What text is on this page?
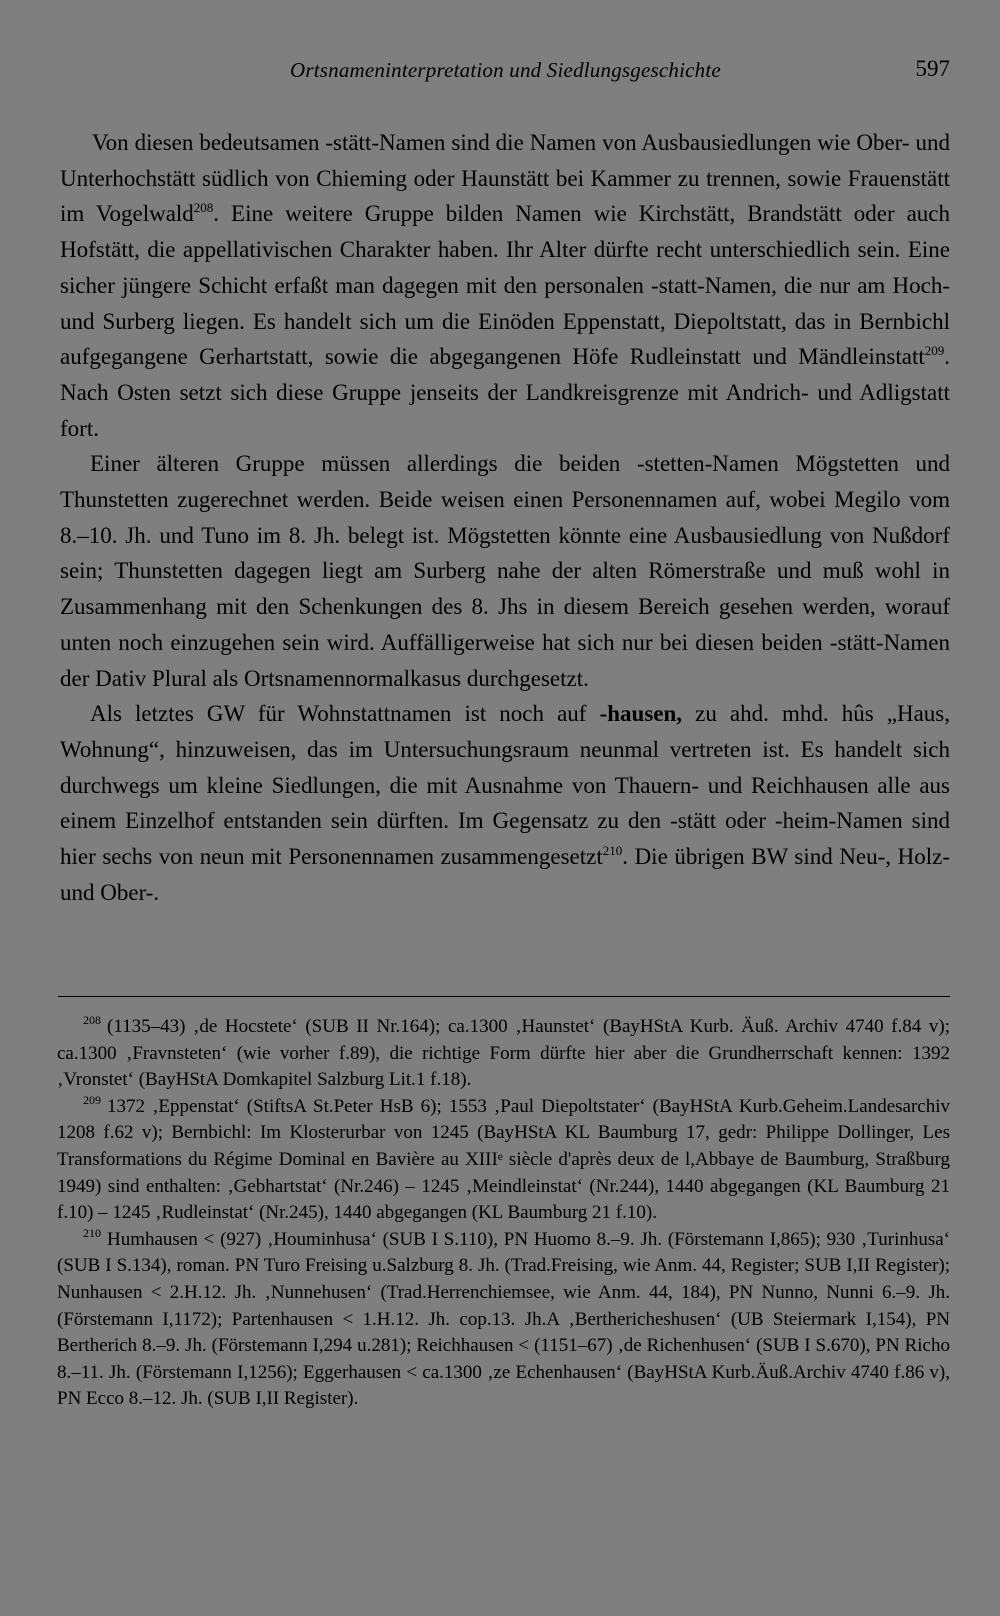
Ortsnameninterpretation und Siedlungsgeschichte	597

Von diesen bedeutsamen -stätt-Namen sind die Namen von Ausbausiedlungen wie Ober- und Unterhochstätt südlich von Chieming oder Haunstätt bei Kammer zu trennen, sowie Frauenstätt im Vogelwald$^{208}$. Eine weitere Gruppe bilden Namen wie Kirchstätt, Brandstätt oder auch Hofstätt, die appellativischen Charakter haben. Ihr Alter dürfte recht unterschiedlich sein. Eine sicher jüngere Schicht erfaßt man dagegen mit den personalen -statt-Namen, die nur am Hoch- und Surberg liegen. Es handelt sich um die Einöden Eppenstatt, Diepoltstatt, das in Bernbichl aufgegangene Gerhartstatt, sowie die abgegangenen Höfe Rudleinstatt und Mändleinstatt$^{209}$. Nach Osten setzt sich diese Gruppe jenseits der Landkreisgrenze mit Andrich- und Adligstatt fort.

Einer älteren Gruppe müssen allerdings die beiden -stetten-Namen Mögstetten und Thunstetten zugerechnet werden. Beide weisen einen Personennamen auf, wobei Megilo vom 8.–10. Jh. und Tuno im 8. Jh. belegt ist. Mögstetten könnte eine Ausbausiedlung von Nußdorf sein; Thunstetten dagegen liegt am Surberg nahe der alten Römerstraße und muß wohl in Zusammenhang mit den Schenkungen des 8. Jhs in diesem Bereich gesehen werden, worauf unten noch einzugehen sein wird. Auffälligerweise hat sich nur bei diesen beiden -stätt-Namen der Dativ Plural als Ortsnamennormalkasus durchgesetzt.

Als letztes GW für Wohnstattnamen ist noch auf -hausen, zu ahd. mhd. hûs „Haus, Wohnung“, hinzuweisen, das im Untersuchungsraum neunmal vertreten ist. Es handelt sich durchwegs um kleine Siedlungen, die mit Ausnahme von Thauern- und Reichhausen alle aus einem Einzelhof entstanden sein dürften. Im Gegensatz zu den -stätt oder -heim-Namen sind hier sechs von neun mit Personennamen zusammengesetzt$^{210}$. Die übrigen BW sind Neu-, Holz- und Ober-.

$^{208}$ (1135–43) ‚de Hocstete‘ (SUB II Nr.164); ca.1300 ‚Haunstet‘ (BayHStA Kurb. Äuß. Archiv 4740 f.84 v); ca.1300 ‚Fravnsteten‘ (wie vorher f.89), die richtige Form dürfte hier aber die Grundherrschaft kennen: 1392 ‚Vronstet‘ (BayHStA Domkapitel Salzburg Lit.1 f.18).

$^{209}$ 1372 ‚Eppenstat‘ (StiftsA St.Peter HsB 6); 1553 ‚Paul Diepoltstater‘ (BayHStA Kurb.Geheim.Landesarchiv 1208 f.62 v); Bernbichl: Im Klosterurbar von 1245 (BayHStA KL Baumburg 17, gedr: Philippe Dollinger, Les Transformations du Régime Dominal en Bavière au XIIIᵉ siècle d'après deux de l,Abbaye de Baumburg, Straßburg 1949) sind enthalten: ‚Gebhartstat‘ (Nr.246) – 1245 ‚Meindleinstat‘ (Nr.244), 1440 abgegangen (KL Baumburg 21 f.10) – 1245 ‚Rudleinstat‘ (Nr.245), 1440 abgegangen (KL Baumburg 21 f.10).

$^{210}$ Humhausen < (927) ‚Houminhusa‘ (SUB I S.110), PN Huomo 8.–9. Jh. (Förstemann I,865); 930 ‚Turinhusa‘ (SUB I S.134), roman. PN Turo Freising u.Salzburg 8. Jh. (Trad.Freising, wie Anm. 44, Register; SUB I,II Register); Nunhausen < 2.H.12. Jh. ‚Nunnehusen‘ (Trad.Herrenchiemsee, wie Anm. 44, 184), PN Nunno, Nunni 6.–9. Jh. (Förstemann I,1172); Partenhausen < 1.H.12. Jh. cop.13. Jh.A ‚Berthericheshusen‘ (UB Steiermark I,154), PN Bertherich 8.–9. Jh. (Förstemann I,294 u.281); Reichhausen < (1151–67) ‚de Richenhusen‘ (SUB I S.670), PN Richo 8.–11. Jh. (Förstemann I,1256); Eggerhausen < ca.1300 ‚ze Echenhausen‘ (BayHStA Kurb.Äuß.Archiv 4740 f.86 v), PN Ecco 8.–12. Jh. (SUB I,II Register).
